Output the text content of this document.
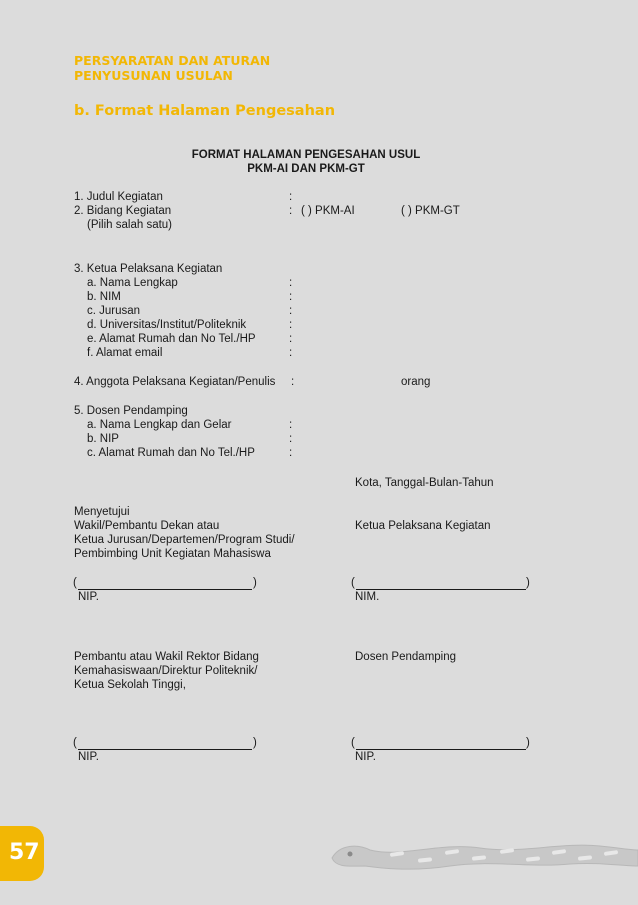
PERSYARATAN DAN ATURAN
PENYUSUNAN USULAN
b. Format Halaman Pengesahan
FORMAT HALAMAN PENGESAHAN USUL
PKM-AI DAN PKM-GT
1. Judul Kegiatan	:
2. Bidang Kegiatan	: ( ) PKM-AI	( ) PKM-GT
(Pilih salah satu)
3. Ketua Pelaksana Kegiatan
a. Nama Lengkap	:
b. NIM	:
c. Jurusan	:
d. Universitas/Institut/Politeknik	:
e. Alamat Rumah dan No Tel./HP	:
f. Alamat email	:
4. Anggota Pelaksana Kegiatan/Penulis :	orang
5. Dosen Pendamping
a. Nama Lengkap dan Gelar	:
b. NIP	:
c. Alamat Rumah dan No Tel./HP	:
Kota, Tanggal-Bulan-Tahun
Menyetujui
Wakil/Pembantu Dekan atau
Ketua Jurusan/Departemen/Program Studi/
Pembimbing Unit Kegiatan Mahasiswa
Ketua Pelaksana Kegiatan
(	)
NIP.
(	)
NIM.
Pembantu atau Wakil Rektor Bidang
Kemahasiswaan/Direktur Politeknik/
Ketua Sekolah Tinggi,
Dosen Pendamping
(	)
NIP.
(	)
NIP.
57
